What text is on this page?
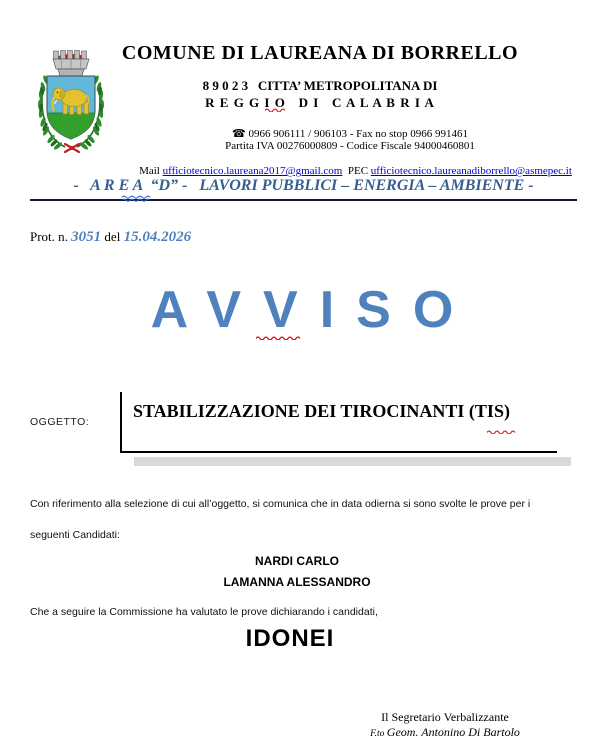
COMUNE DI LAUREANA DI BORRELLO
8 9 0 2 3   CITTA’ METROPOLITANA DI
R E G G I O   D I   C A L A B R I A
☎ 0966 906111 / 906103 - Fax no stop 0966 991461
Partita IVA 00276000809 - Codice Fiscale 94000460801

Mail ufficiotecnico.laureana2017@gmail.com  PEC ufficiotecnico.laureanadiborrello@asmepec.it

-   A R E A  “D” -   LAVORI PUBBLICI – ENERGIA – AMBIENTE -
Prot. n. 3051 del 15.04.2026
AVVISO
OGGETTO:
STABILIZZAZIONE DEI TIROCINANTI (TIS)
Con riferimento alla selezione di cui all’oggetto, si comunica che in data odierna si sono svolte le prove per i
seguenti Candidati:
NARDI CARLO
LAMANNA ALESSANDRO
Che a seguire la Commissione ha valutato le prove dichiarando i candidati,
IDONEI
Il Segretario Verbalizzante
F.to Geom. Antonino Di Bartolo
